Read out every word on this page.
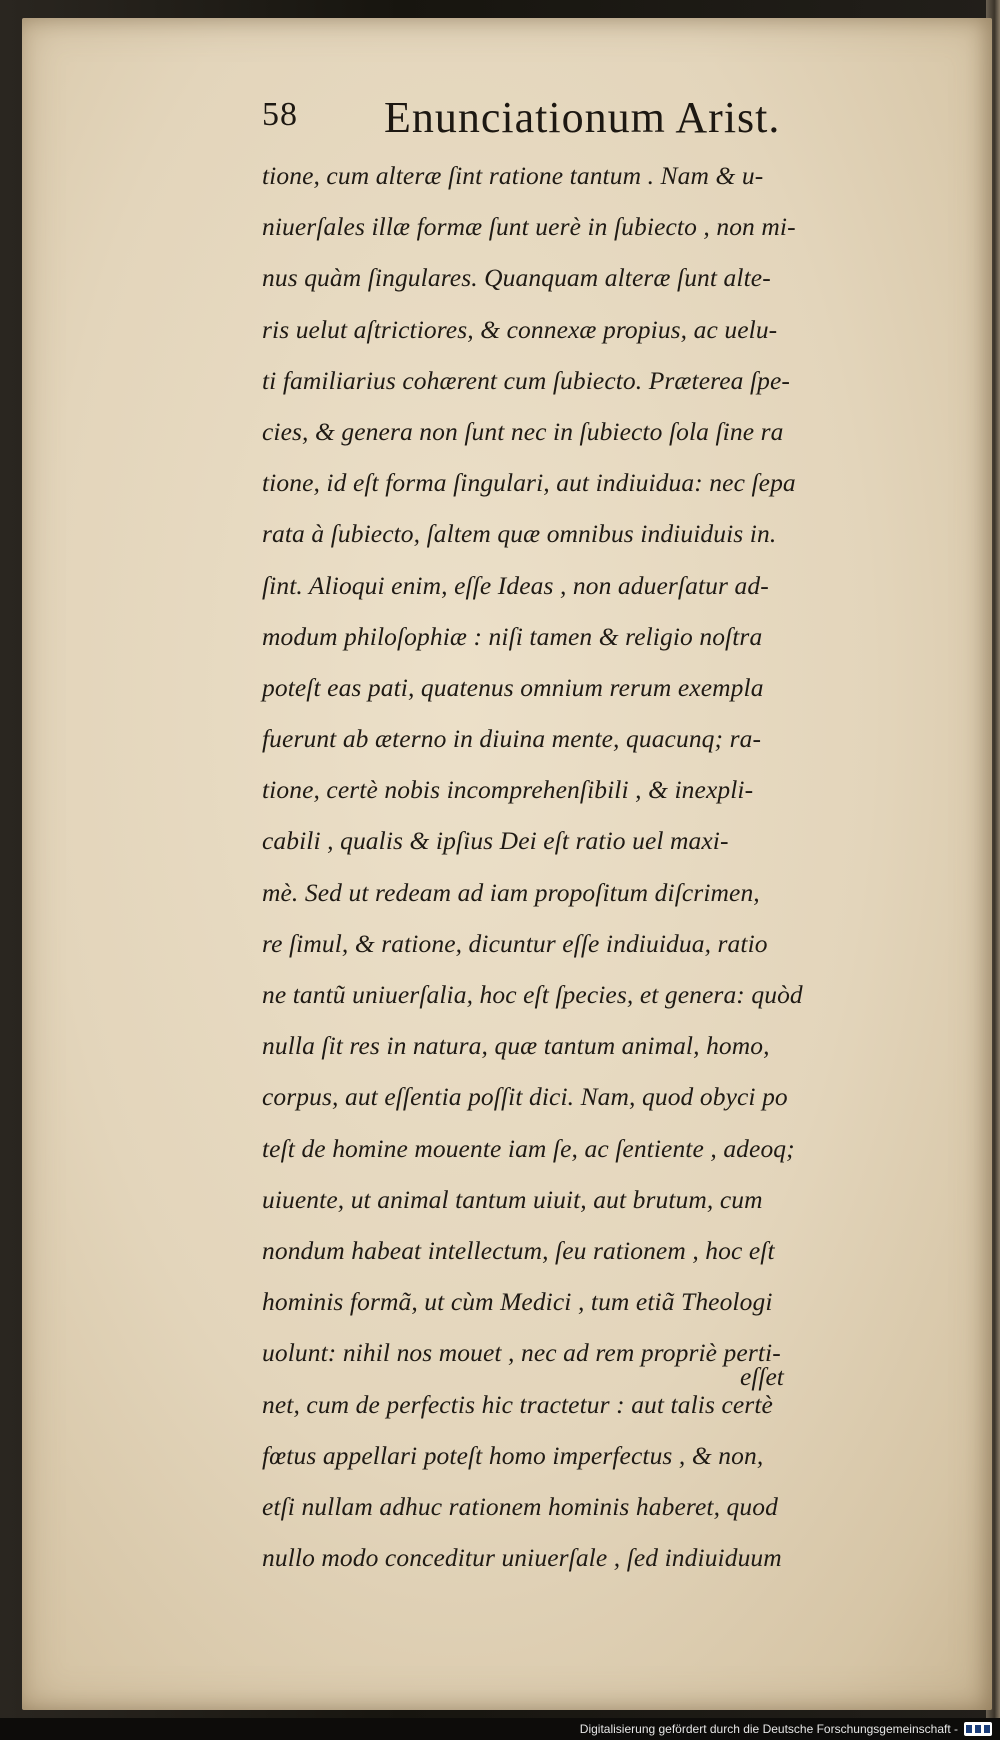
58 Enunciationum Arist.
tione, cum alteræ ſint ratione tantum . Nam & u-
niuerſales illæ formæ ſunt uerè in ſubiecto , non mi-
nus quàm ſingulares. Quanquam alteræ ſunt alte-
ris uelut aſtrictiores, & connexæ propius, ac uelu-
ti familiarius cohærent cum ſubiecto. Præterea ſpe-
cies, & genera non ſunt nec in ſubiecto ſola ſine ra
tione, id eſt forma ſingulari, aut indiuidua: nec ſepa
rata à ſubiecto, ſaltem quæ omnibus indiuiduis in.
ſint. Alioqui enim, eſſe Ideas , non aduerſatur ad-
modum philoſophiæ : niſi tamen & religio noſtra
poteſt eas pati, quatenus omnium rerum exempla
fuerunt ab æterno in diuina mente, quacunq; ra-
tione, certè nobis incomprehenſibili , & inexpli-
cabili , qualis & ipſius Dei eſt ratio uel maxi-
mè. Sed ut redeam ad iam propoſitum diſcrimen,
re ſimul, & ratione, dicuntur eſſe indiuidua, ratio
ne tantũ uniuerſalia, hoc eſt ſpecies, et genera: quòd
nulla ſit res in natura, quæ tantum animal, homo,
corpus, aut eſſentia poſſit dici. Nam, quod obyci po
teſt de homine mouente iam ſe, ac ſentiente , adeoq;
uiuente, ut animal tantum uiuit, aut brutum, cum
nondum habeat intellectum, ſeu rationem , hoc eſt
hominis formã, ut cùm Medici , tum etiã Theologi
uolunt: nihil nos mouet , nec ad rem propriè perti-
net, cum de perfectis hic tractetur : aut talis certè
fœtus appellari poteſt homo imperfectus , & non,
etſi nullam adhuc rationem hominis haberet, quod
nullo modo conceditur uniuerſale , ſed indiuiduum
eſſet
Digitalisierung gefördert durch die Deutsche Forschungsgemeinschaft -
